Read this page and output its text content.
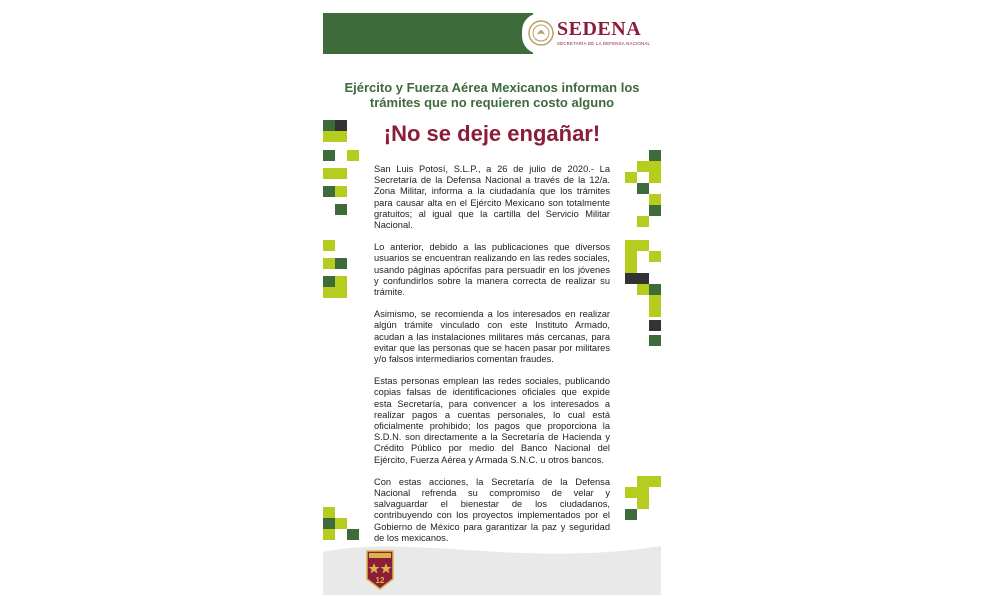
SEDENA
SECRETARÍA DE LA DEFENSA NACIONAL
Ejército y Fuerza Aérea Mexicanos informan los trámites que no requieren costo alguno
¡No se deje engañar!

San Luis Potosí, S.L.P., a 26 de julio de 2020.- La Secretaría de la Defensa Nacional a través de la 12/a. Zona Militar, informa a la ciudadanía que los trámites para causar alta en el Ejército Mexicano son totalmente gratuitos; al igual que la cartilla del Servicio Militar Nacional.

Lo anterior, debido a las publicaciones que diversos usuarios se encuentran realizando en las redes sociales, usando páginas apócrifas para persuadir en los jóvenes y confundirlos sobre la manera correcta de realizar su trámite.

Asimismo, se recomienda a los interesados en realizar algún trámite vinculado con este Instituto Armado, acudan a las instalaciones militares más cercanas, para evitar que las personas que se hacen pasar por militares y/o falsos intermediarios comentan fraudes.

Estas personas emplean las redes sociales, publicando copias falsas de identificaciones oficiales que expide esta Secretaría, para convencer a los interesados a realizar pagos a cuentas personales, lo cual está oficialmente prohibido; los pagos que proporciona la S.D.N. son directamente a la Secretaría de Hacienda y Crédito Público por medio del Banco Nacional del Ejército, Fuerza Aérea y Armada S.N.C. u otros bancos.

Con estas acciones, la Secretaría de la Defensa Nacional refrenda su compromiso de velar y salvaguardar el bienestar de los ciudadanos, contribuyendo con los proyectos implementados por el Gobierno de México para garantizar la paz y seguridad de los mexicanos.

12
